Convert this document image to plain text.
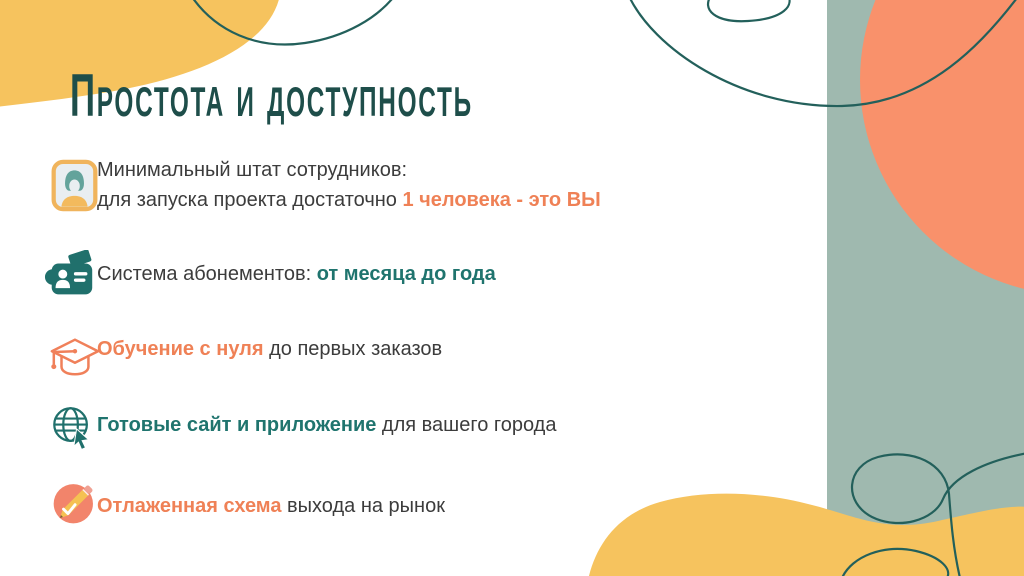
Простота и доступность
Минимальный штат сотрудников:
для запуска проекта достаточно 1 человека - это ВЫ
Система абонементов: от месяца до года
Обучение с нуля до первых заказов
Готовые сайт и приложение для вашего города
Отлаженная схема выхода на рынок
